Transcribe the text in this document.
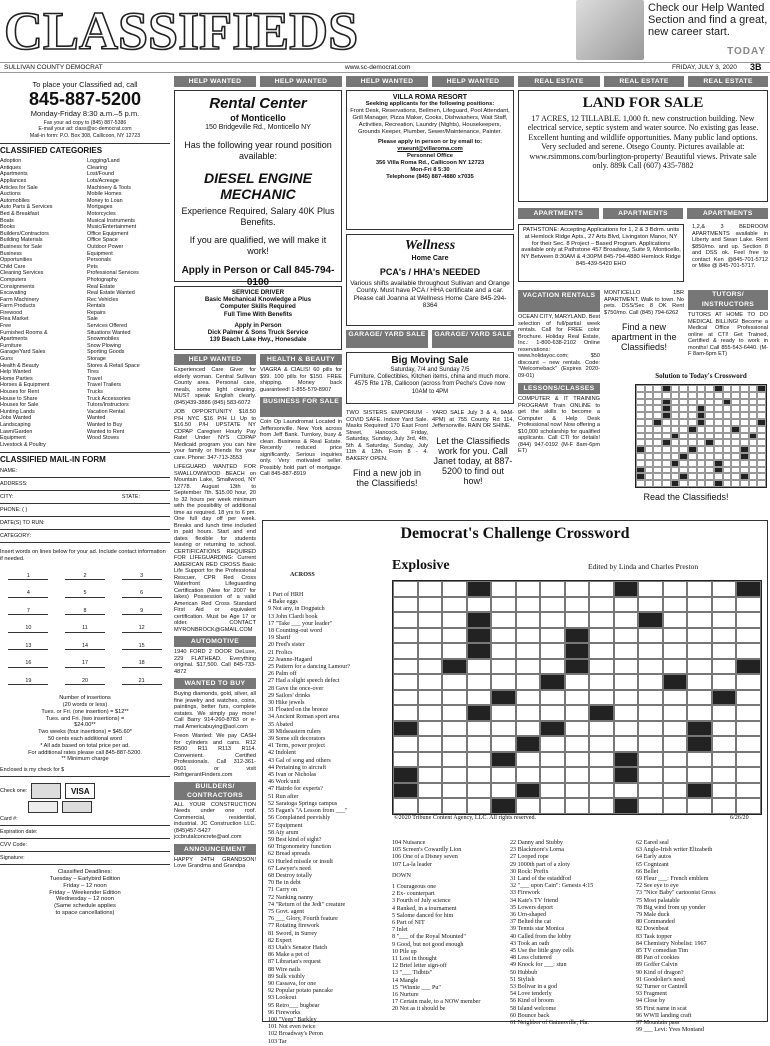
CLASSIFIEDS	Check our Help Wanted Section and find a great, new career start.
TODAY
SULLIVAN COUNTY DEMOCRAT	www.sc-democrat.com	FRIDAY, JULY 3, 2020 3B
To place your Classified ad, call
845-887-5200
Monday-Friday 8:30 a.m.–5 p.m.
Fax your ad copy to (845) 887-5386
E-mail your ad: class@sc-democrat.com
Mail-in form: P.O. Box 308, Callicoon, NY 12723
CLASSIFIED CATEGORIES
Adoption
Antiques
Apartments
Appliances
Articles for Sale
Auctions
Automobiles
Auto Parts & Services
Bed & Breakfast
Boats
Books
Builders/Contractors
Building Materials
Business for Sale
Business
Opportunities
Child Care
Cleaning Services
Computers
Consignments
Excavating
Farm Machinery
Farm Products
Firewood
Flea Market
Free
Furnished Rooms &
Apartments
Furniture
Garage/Yard Sales
Guns
Health & Beauty
Help Wanted
Home Parties
Horses & Equipment
Houses for Rent
House to Share
Houses for Sale
Hunting Lands
Jobs Wanted
Landscaping
Lawn/Garden
Equipment
Livestock & Poultry
Logging/Land
Clearing
Lost/Found
Lots/Acreage
Machinery & Tools
Mobile Homes
Money to Loan
Mortgages
Motorcycles
Musical Instruments
Music/Entertainment
Office Equipment
Office Space
Outdoor Power
Equipment
Personals
Pets
Professional Services
Photography
Real Estate
Real Estate Wanted
Rec Vehicles
Rentals
Repairs
Sale
Services Offered
Situations Wanted
Snowmobiles
Snow Plowing
Sporting Goods
Storage
Stores & Retail Space
Tires
Travel
Travel Trailers
Trucks
Truck Accessories
Tutors/Instructors
Vacation Rental
Wanted
Wanted to Buy
Wanted to Rent
Wood Stoves
CLASSIFIED MAIL-IN FORM
NAME:
ADDRESS:
CITY:	STATE:
PHONE: ( )
DATE(S) TO RUN:
CATEGORY:
Insert words on lines below for your ad. Include contact information if needed.
1	2	3
4	5	6
7	8	9
10	11	12
13	14	15
16	17	18
19	20	21
Number of insertions
(20 words or less)
Tues. or Fri. (one insertion) = $12**
Tues. and Fri. (two insertions) =
$24.00**
Two weeks (four insertions) = $45.60*
50 cents each additional word
* All ads based on total price per ad.
For additional rates please call 845-887-5200.
** Minimum charge
Enclosed is my check for $
Check one:	VISA
Card #:
Expiration date:
CVV Code:
Signature:
Classified Deadlines:
Tuesday – Earlybird Edition
Friday – 12 noon
Friday – Weekender Edition
Wednesday – 12 noon
(Same schedule applies
to space cancellations)
HELP WANTED	HELP WANTED	HELP WANTED	HELP WANTED	REAL ESTATE	REAL ESTATE	REAL ESTATE
Rental Center
of Monticello
150 Bridgeville Rd., Monticello NY
Has the following year round position available:
DIESEL ENGINE MECHANIC
Experience Required, Salary 40K Plus Benefits.
If you are qualified, we will make it work!
Apply in Person or Call 845-794-0100
SERVICE DRIVER
Basic Mechanical Knowledge a Plus
Computer Skills Required
Full Time With Benefits
Apply in Person
Dick Palmer & Sons Truck Service
139 Beach Lake Hwy., Honesdale
HELP WANTED
Experienced Care Giver for elderly woman. Central Sullivan County area. Personal care, meals, some light cleaning. MUST speak English clearly. (845)439-3886 (845) 583-6072
JOB OPPORTUNITY $18.50 P/H NYC $16 P/H LI Up to $16.50 P/H UPSTATE NY CDPAP Caregiver Hourly Pay Rate! Under NYS CDPAP Medicaid program you can hire your family or friends for your care. Phone: 347-713-3553
LIFEGUARD WANTED FOR SWALLOWWOOD BEACH on Mountain Lake, Smallwood, NY 12778. August 13th to September 7th. $15.00 hour, 20 to 32 hours per week minimum with the possibility of additional time as required. 18 yrs to 6 pm. One full day off per week. Breaks and lunch time included in paid hours. Start and end dates flexible for students leaving or returning to school. CERTIFICATIONS REQUIRED FOR LIFEGUARDING: Current AMERICAN RED CROSS Basic Life Support for the Professional Rescuer, CPR Red Cross Waterfront Lifeguarding Certification (New for 2007 for lakes) Possession of a valid American Red Cross Standard First Aid or equivalent certification. Must be Age 17 or older. CONTACT MYRONBROCK@GMAIL.COM
AUTOMOTIVE
1940 FORD 2 DOOR DeLuxe, 229 FLATHEAD. Everything original. $17,500. Call 845-733-4872
WANTED TO BUY
Buying diamonds, gold, silver, all fine jewelry and watches, coins, paintings, better furs, complete estates. We simply pay more! Call Barry 914-260-8783 or e-mail Americabuying@aol.com
Freon Wanted: We pay CASH for cylinders and cans. R12 R500 R11 R113 R114. Convenient. Certified Professionals. Call 312-361-0601 or visit RefrigerantFinders.com
BUILDERS/ CONTRACTORS
ALL YOUR CONSTRUCTION Needs under one roof. Commercial, residential, industrial. JC Construction LLC. (845)457-5427 jccbrutalconcrete@aol.com
ANNOUNCEMENT
HAPPY 24TH GRANDSON! Love Grandma and Grandpa
HEALTH & BEAUTY
VIAGRA & CIALIS! 60 pills for $99. 100 pills for $150. FREE shipping. Money back guaranteed! 1-855-579-8907
BUSINESS FOR SALE
Coin Op Laundromat Located in Jeffersonville. New York across from Jeff Bank. Turnkey, busy & clean. Business & Real Estate. Recently reduced price significantly. Serious inquiries only. Very motivated seller. Possibly hold part of mortgage. Call 845-887-8919
VILLA ROMA RESORT
Seeking applicants for the following positions:
Front Desk, Reservations, Bellmen, Lifeguard, Pool Attendant, Grill Manager, Pizza Maker, Cooks, Dishwashers, Wait Staff, Activities, Recreation, Laundry (Nights), Housekeepers, Grounds Keeper, Plumber, Sewer/Maintenance, Painter.
Please apply in person or by email to:
vraeunt@villaroma.com
Personnel Office
356 Villa Roma Rd., Callicoon NY 12723
Mon-Fri 8 5:30
Telephone (845) 887-4880 x7035
Wellness
Home Care
PCA's / HHA's NEEDED
Various shifts available throughout Sullivan and Orange County. Must have PCA / HHA certificate and a car. Please call Joanna at Wellness Home Care 845-294-8364
GARAGE/ YARD SALE	GARAGE/ YARD SALE
Big Moving Sale
Saturday, 7/4 and Sunday 7/5
Furniture, Collectibles, Kitchen items, china and much more.
4575 Rte 17B, Callicoon (across from Peche's Cove now 10AM to 4PM
TWO SISTERS EMPORIUM - COVID SAFE. Indoor Yard Sale. Masks Required! 170 East Front Street, Hancock. Friday, Saturday, Sunday, July 3rd, 4th, 5th & Saturday, Sunday, July 11th & 12th. From 8 - 4. BAKERY OPEN.
Find a new job in the Classifieds!
YARD SALE July 3 & 4, 9AM-4PM) at 755 County Rd 114, Jeffersonville. RAIN OR SHINE.
Let the Classifieds work for you. Call Janet today, at 887-5200 to find out how!
LAND FOR SALE
17 ACRES, 12 TILLABLE. 1,000 ft. new construction building. New electrical service, septic system and water source. No existing gas lease. Excellent hunting and wildlife opportunities. Many public land options. Very secluded and serene. Otsego County. Pictures available at: www.rsimmons.com/burlington-property/ Beautiful views. Private sale only. 889k Call (607) 435-7882
APARTMENTS	APARTMENTS	APARTMENTS
PATHSTONE: Accepting Applications for 1, 2 & 3 Bdrm. units at Hemlock Ridge Apts., 27 Arts Blvd, Livingston Manor, NY for their Sec. 8 Project – Based Program. Applications available only at Pathstone 457 Broadway, Suite 9, Monticello, NY Between 8:30AM & 4:30PM 845-794-4880 Hemlock Ridge 845-439-5420 EHO
1,2,& 3 BEDROOM APARTMENTS available in Liberty and Swan Lake. Rent $850/mo. and up. Section 8 and DSS ok. Feel free to contact Ken @845-701-5712 or Mike @ 845-701-5717.
VACATION RENTALS
OCEAN CITY, MARYLAND. Best selection of full/partial week rentals. Call for FREE color Brochure. Holiday Real Estate, Inc.: 1-800-638-2102 Online reservations: www.holidayoc.com; $50 discount – new rentals. Code: "Welcomeback" (Expires 2020-09-01)
LESSONS/CLASSES
COMPUTER & IT TRAINING PROGRAM! Train ONLINE to get the skills to become a Computer & Help Desk Professional now! Now offering a $10,000 scholarship for qualified applicants. Call CTI for details! (844) 947-0192 (M-F 8am-6pm ET)
MONTICELLO 1BR APARTMENT. Walk to town. No pets. DSS/Sec 8 OK Rent $750/mo. Call (845) 794-6262
Find a new apartment in the Classifieds!
TUTORS/ INSTRUCTORS
TUTORS AT HOME TO DO MEDICAL BILLING! Become a Medical Office Professional online at CTI! Get Trained, Certified & ready to work in months! Call 855-543-6440. (M-F 8am-6pm ET)
Solution to Today's Crossword
Read the Classifieds!
Democrat's Challenge Crossword
Explosive	Edited by Linda and Charles Preston
ACROSS
1 Part of HRH
4 Bake eggs
9 Not any, in Dogpatch
13 John Clardi book
17 "Take ___ your leader"
18 Counting-out word
19 Sharif
20 Fred's sister
21 Frolics
22 Jeanne-Hagard
25 Pattern for a dancing Lamour?
26 Palm off
27 Had a slight speech defect
28 Gave the once-over
29 Sailors' drinks
30 Hike jewels
31 Floated on the breeze
34 Ancient Roman sport area
35 Abated
38 Midseastern rulers
39 Some silt decorators
41 Term, power project
42 Indolent
43 Gal of song and others
44 Pertaining to aircraft
45 Ivan or Nicholas
46 Work unit
47 Hairdo for experts?
51 Run after
52 Saratoga Springs campus
55 Fagan's "A Lesson from ___"
56 Complained peevishly
57 Equipment
58 Aty arum
59 Best kind of sight?
60 Trigonometry function
62 Bread spreads
63 Hurled missile or insult
67 Lawyer's need
68 Destroy totally
70 Be in debt
71 Carry on
72 Nanking nanny
74 "Return of the Jedi" creature
75 Govt. agent
76 ___ Glory, Fourth feature
77 Rotating firework
81 Sword, in Surrey
82 Expert
83 Utah's Senator Hatch
86 Make a pet of
87 Librarian's request
88 Wire nails
89 Sulk visibly
90 Cassava, for one
92 Popular potato pancake
93 Lookout
95 Retro___ bugbear
96 Fireworks
100 "Veep" Barkley
101 Not even twice
102 Broadway's Peron
103 Tar
©2020 Tribune Content Agency, LLC. All rights reserved.	6/26/20
104 Nuisance
105 Screen's Cowardly Lion
106 One of a Disney seven
107 La-la leader
DOWN
1 Courageous one
2 Ex- counterpart
3 Fourth of July science
4 Ranked, in a tournament
5 Salome danced for him
6 Part of NIT
7 Inlet
8 "___ of the Royal Mounted"
9 Good, but not good enough
10 Pile up
11 Lost in thought
12 Brief letter sign-off
13 "___ Tidbits"
14 Mangle
15 "Winnie ___ Pu"
16 Nurture
17 Certain male, to a NOW member
20 Not as it should be
22 Danny and Stubby
23 Blackmore's Lorna
27 Looped rope
29 1000th part of a zloty
30 Rock: Prefix
31 Land of the estaddfod
32 "___ upon Cain": Genesis 4:15
33 Firework
34 Kate's TV friend
35 Lowers deport
36 Urn-shaped
37 Belted the cat
39 Tennis star Monica
40 Called from the lobby
43 Took an oath
45 Use the little gray cells
48 Less cluttered
49 Knock for ___: stun
50 Hubbub
51 Stylish
53 Bolivar in a god
54 Love tenderly
56 Kind of broom
58 Island welcome
60 Bounce back
61 Neighbor of Gainesville, Fla.
62 Eared seal
63 Anglo-Irish writer Elizabeth
64 Early autos
65 Cognizant
66 Bellet
69 Fleur ___: French emblem
72 See eye to eye
73 "Nice Baby" cartoonist Gross
75 Most palatable
78 Big wind from up yonder
79 Male duck
80 Commanded
82 Downbeat
83 Task topper
84 Chemistry Nobelist: 1967
85 TV comedian Tim
88 Pan of cookies
89 Goffer Calvin
90 Kind of dragon?
91 Goodolier's need
92 Turner or Cantrell
93 Fragment
94 Close by
95 First name in scat
96 WWII landing craft
97 Mountain pass
99 ___ Levi: Yves Montand
